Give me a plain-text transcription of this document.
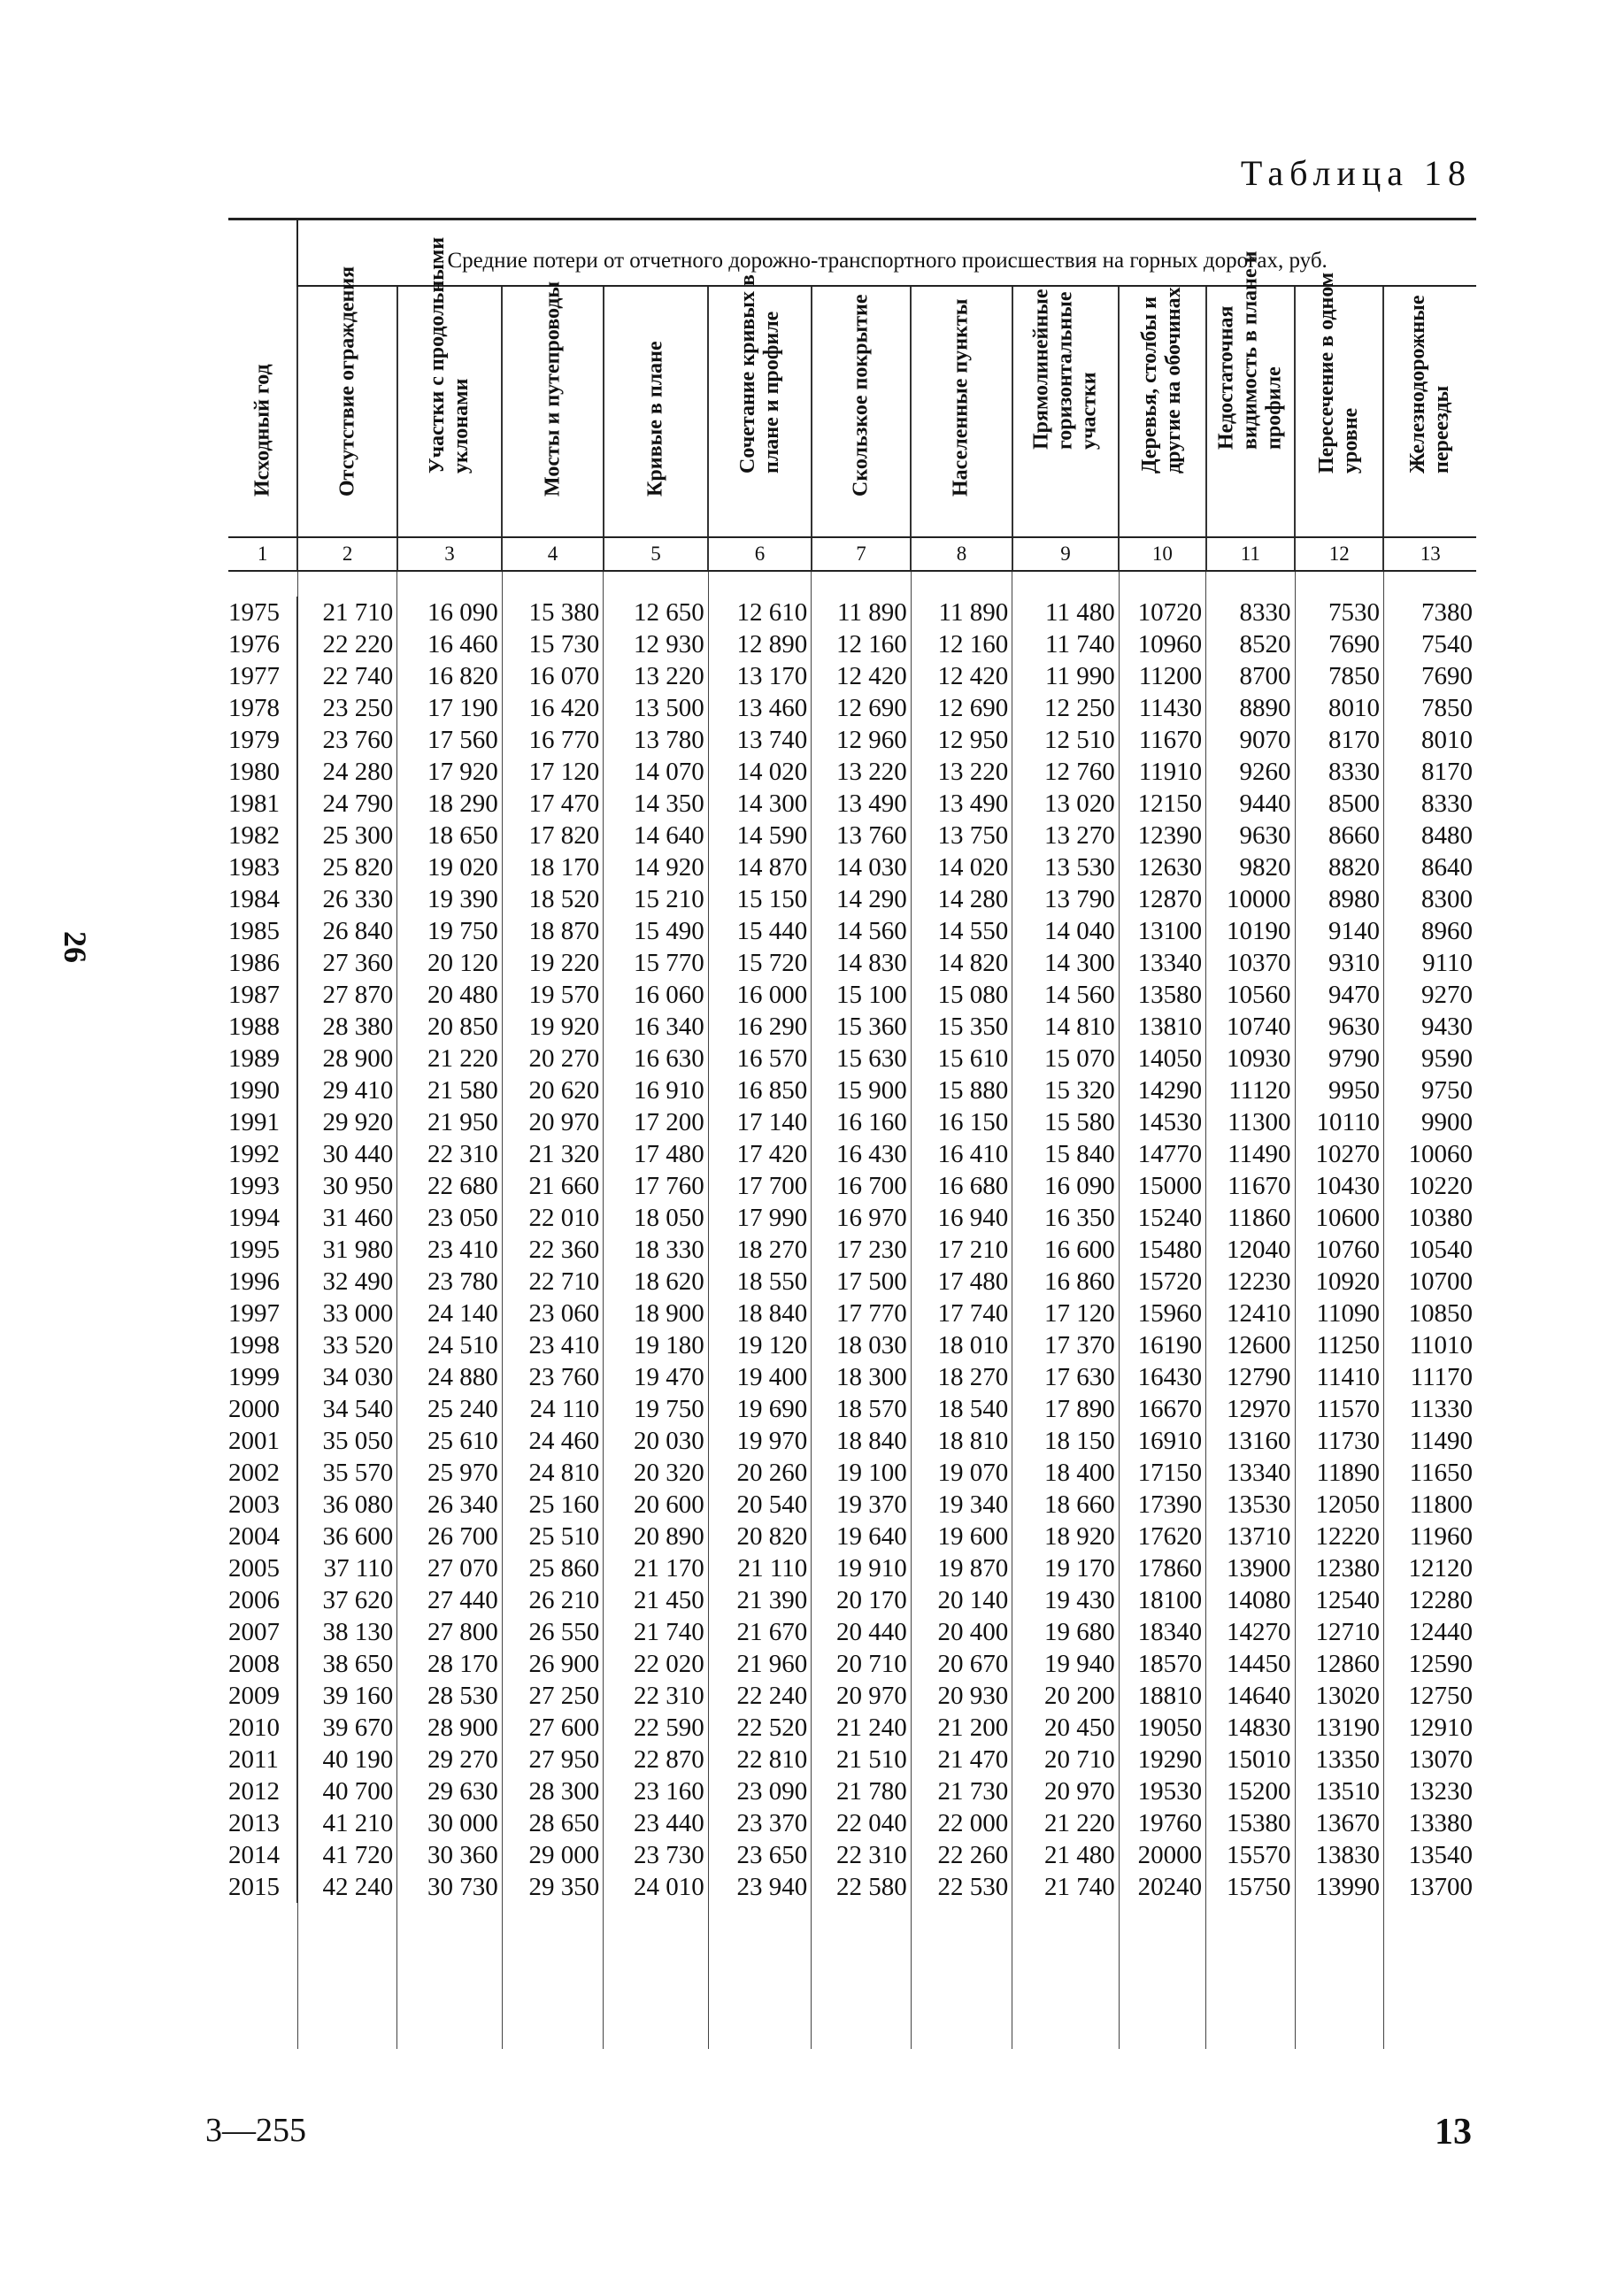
Таблица 18
26
	Средние потери от отчетного дорожно-транспортного происшествия на горных дорогах, руб.											

Исходный год	Отсутствие ограждения	Участки с продольными уклонами	Мосты и путепроводы	Кривые в плане	Сочетание кривых в плане и профиле	Скользкое покрытие	Населенные пункты	Прямолинейные горизонтальные участки	Деревья, столбы и другие на обочинах	Недостаточная видимость в плане и профиле	Пересечение в одном уровне	Железнодорожные переезды

1	2	3	4	5	6	7	8	9	10	11	12	13

1975	21 710	16 090	15 380	12 650	12 610	11 890	11 890	11 480	10720	8330	7530	7380
1976	22 220	16 460	15 730	12 930	12 890	12 160	12 160	11 740	10960	8520	7690	7540
1977	22 740	16 820	16 070	13 220	13 170	12 420	12 420	11 990	11200	8700	7850	7690
1978	23 250	17 190	16 420	13 500	13 460	12 690	12 690	12 250	11430	8890	8010	7850
1979	23 760	17 560	16 770	13 780	13 740	12 960	12 950	12 510	11670	9070	8170	8010
1980	24 280	17 920	17 120	14 070	14 020	13 220	13 220	12 760	11910	9260	8330	8170
1981	24 790	18 290	17 470	14 350	14 300	13 490	13 490	13 020	12150	9440	8500	8330
1982	25 300	18 650	17 820	14 640	14 590	13 760	13 750	13 270	12390	9630	8660	8480
1983	25 820	19 020	18 170	14 920	14 870	14 030	14 020	13 530	12630	9820	8820	8640
1984	26 330	19 390	18 520	15 210	15 150	14 290	14 280	13 790	12870	10000	8980	8300
1985	26 840	19 750	18 870	15 490	15 440	14 560	14 550	14 040	13100	10190	9140	8960
1986	27 360	20 120	19 220	15 770	15 720	14 830	14 820	14 300	13340	10370	9310	9110
1987	27 870	20 480	19 570	16 060	16 000	15 100	15 080	14 560	13580	10560	9470	9270
1988	28 380	20 850	19 920	16 340	16 290	15 360	15 350	14 810	13810	10740	9630	9430
1989	28 900	21 220	20 270	16 630	16 570	15 630	15 610	15 070	14050	10930	9790	9590
1990	29 410	21 580	20 620	16 910	16 850	15 900	15 880	15 320	14290	11120	9950	9750
1991	29 920	21 950	20 970	17 200	17 140	16 160	16 150	15 580	14530	11300	10110	9900
1992	30 440	22 310	21 320	17 480	17 420	16 430	16 410	15 840	14770	11490	10270	10060
1993	30 950	22 680	21 660	17 760	17 700	16 700	16 680	16 090	15000	11670	10430	10220
1994	31 460	23 050	22 010	18 050	17 990	16 970	16 940	16 350	15240	11860	10600	10380
1995	31 980	23 410	22 360	18 330	18 270	17 230	17 210	16 600	15480	12040	10760	10540
1996	32 490	23 780	22 710	18 620	18 550	17 500	17 480	16 860	15720	12230	10920	10700
1997	33 000	24 140	23 060	18 900	18 840	17 770	17 740	17 120	15960	12410	11090	10850
1998	33 520	24 510	23 410	19 180	19 120	18 030	18 010	17 370	16190	12600	11250	11010
1999	34 030	24 880	23 760	19 470	19 400	18 300	18 270	17 630	16430	12790	11410	11170
2000	34 540	25 240	24 110	19 750	19 690	18 570	18 540	17 890	16670	12970	11570	11330
2001	35 050	25 610	24 460	20 030	19 970	18 840	18 810	18 150	16910	13160	11730	11490
2002	35 570	25 970	24 810	20 320	20 260	19 100	19 070	18 400	17150	13340	11890	11650
2003	36 080	26 340	25 160	20 600	20 540	19 370	19 340	18 660	17390	13530	12050	11800
2004	36 600	26 700	25 510	20 890	20 820	19 640	19 600	18 920	17620	13710	12220	11960
2005	37 110	27 070	25 860	21 170	21 110	19 910	19 870	19 170	17860	13900	12380	12120
2006	37 620	27 440	26 210	21 450	21 390	20 170	20 140	19 430	18100	14080	12540	12280
2007	38 130	27 800	26 550	21 740	21 670	20 440	20 400	19 680	18340	14270	12710	12440
2008	38 650	28 170	26 900	22 020	21 960	20 710	20 670	19 940	18570	14450	12860	12590
2009	39 160	28 530	27 250	22 310	22 240	20 970	20 930	20 200	18810	14640	13020	12750
2010	39 670	28 900	27 600	22 590	22 520	21 240	21 200	20 450	19050	14830	13190	12910
2011	40 190	29 270	27 950	22 870	22 810	21 510	21 470	20 710	19290	15010	13350	13070
2012	40 700	29 630	28 300	23 160	23 090	21 780	21 730	20 970	19530	15200	13510	13230
2013	41 210	30 000	28 650	23 440	23 370	22 040	22 000	21 220	19760	15380	13670	13380
2014	41 720	30 360	29 000	23 730	23 650	22 310	22 260	21 480	20000	15570	13830	13540
2015	42 240	30 730	29 350	24 010	23 940	22 580	22 530	21 740	20240	15750	13990	13700

3—255	13
